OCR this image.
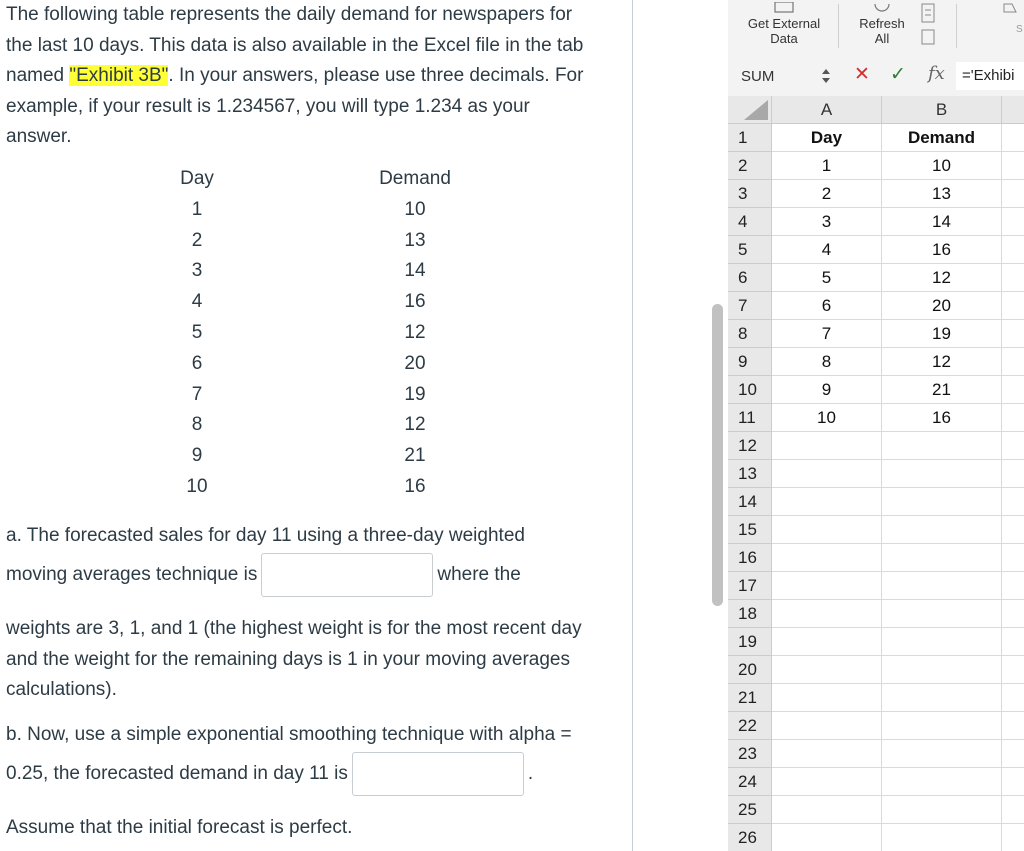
The following table represents the daily demand for newspapers for
the last 10 days. This data is also available in the Excel file in the tab
named "Exhibit 3B". In your answers, please use three decimals. For
example, if your result is 1.234567, you will type 1.234 as your
answer.

Day	Demand
1	10
2	13
3	14
4	16
5	12
6	20
7	19
8	12
9	21
10	16

a. The forecasted sales for day 11 using a three-day weighted

moving averages technique is	where the

weights are 3, 1, and 1 (the highest weight is for the most recent day
and the weight for the remaining days is 1 in your moving averages
calculations).

b. Now, use a simple exponential smoothing technique with alpha =

0.25, the forecasted demand in day 11 is	.

Assume that the initial forecast is perfect.

Get External
Data
Refresh
All
S
SUM	✕ ✓ fx	='Exhibi
A	B
1	Day	Demand
2	1	10
3	2	13
4	3	14
5	4	16
6	5	12
7	6	20
8	7	19
9	8	12
10	9	21
11	10	16
12
13
14
15
16
17
18
19
20
21
22
23
24
25
26
